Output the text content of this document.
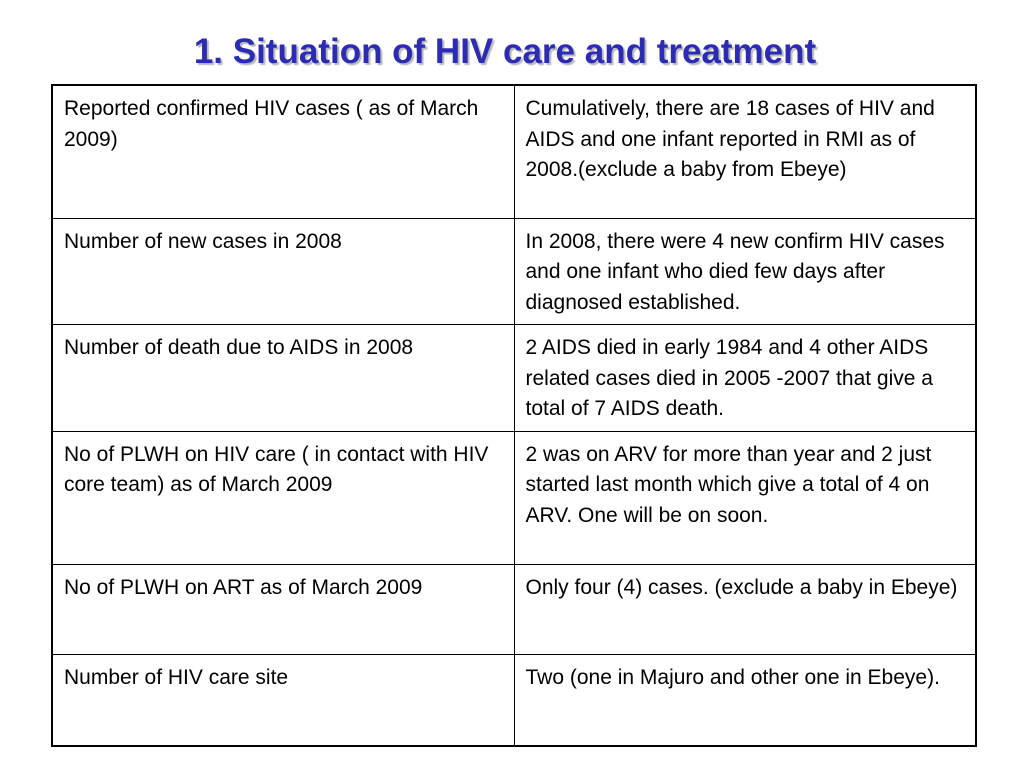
1. Situation of HIV care and treatment
Reported confirmed HIV cases ( as of March 2009)	Cumulatively, there are 18 cases of HIV and AIDS and one infant reported in RMI as of 2008.(exclude a baby from Ebeye)
Number of new cases in 2008	In 2008, there were 4 new confirm HIV cases and one infant who died few days after diagnosed established.
Number of death due to AIDS in 2008	2 AIDS died in early 1984 and 4 other AIDS related cases died in 2005 -2007 that give a total of 7 AIDS death.
No of PLWH on HIV care ( in contact with HIV core team) as of March 2009	2 was on ARV for more than year and 2 just started last month which give a total of 4 on ARV. One will be on soon.
No of PLWH on ART as of March 2009	Only four (4) cases. (exclude a baby in Ebeye)
Number of HIV care site	Two (one in Majuro and other one in Ebeye).
